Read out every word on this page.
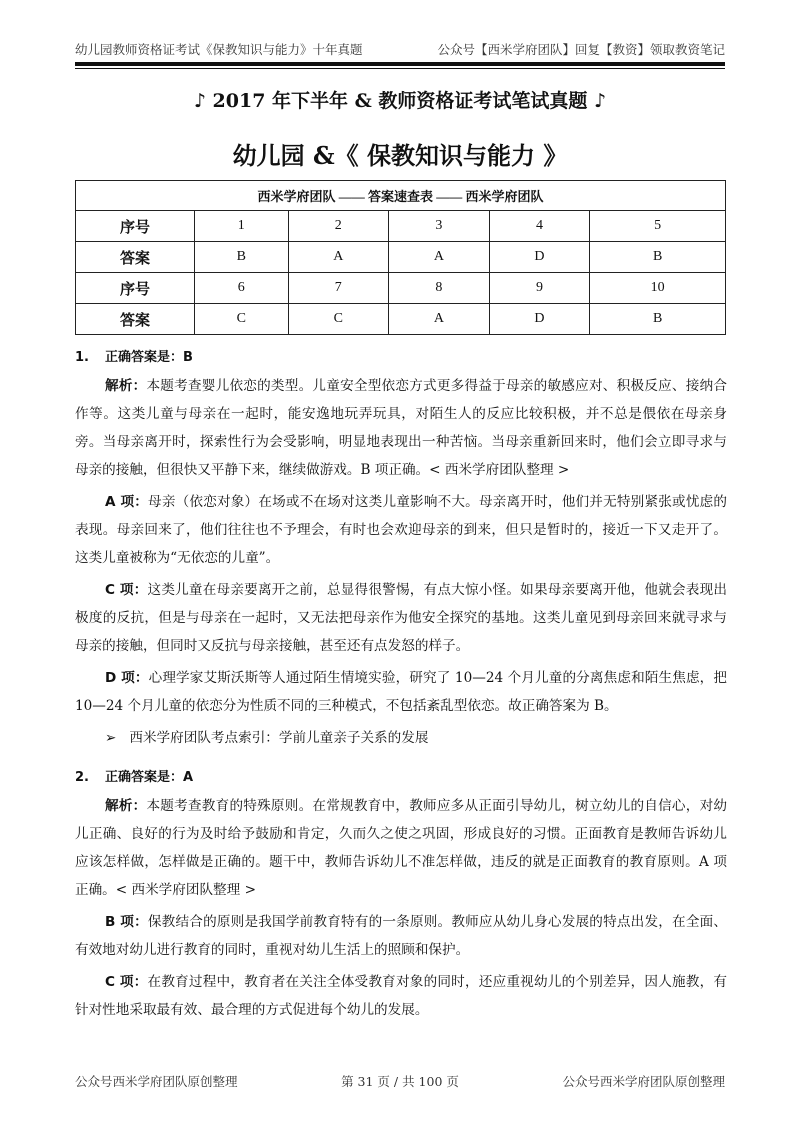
幼儿园教师资格证考试《保教知识与能力》十年真题	公众号【西米学府团队】回复【教资】领取教资笔记
♪ 2017 年下半年 & 教师资格证考试笔试真题 ♪
幼儿园 &《 保教知识与能力 》
西米学府团队 —— 答案速查表 —— 西米学府团队					
序号	1	2	3	4	5
答案	B	A	A	D	B
序号	6	7	8	9	10
答案	C	C	A	D	B
1. 正确答案是：B

解析：本题考查婴儿依恋的类型。儿童安全型依恋方式更多得益于母亲的敏感应对、积极反应、接纳合作等。这类儿童与母亲在一起时，能安逸地玩弄玩具，对陌生人的反应比较积极，并不总是偎依在母亲身旁。当母亲离开时，探索性行为会受影响，明显地表现出一种苦恼。当母亲重新回来时，他们会立即寻求与母亲的接触，但很快又平静下来，继续做游戏。B 项正确。< 西米学府团队整理 >

A 项：母亲（依恋对象）在场或不在场对这类儿童影响不大。母亲离开时，他们并无特别紧张或忧虑的表现。母亲回来了，他们往往也不予理会，有时也会欢迎母亲的到来，但只是暂时的，接近一下又走开了。这类儿童被称为“无依恋的儿童”。

C 项：这类儿童在母亲要离开之前，总显得很警惕，有点大惊小怪。如果母亲要离开他，他就会表现出极度的反抗，但是与母亲在一起时，又无法把母亲作为他安全探究的基地。这类儿童见到母亲回来就寻求与母亲的接触，但同时又反抗与母亲接触，甚至还有点发怒的样子。

D 项：心理学家艾斯沃斯等人通过陌生情境实验，研究了 10—24 个月儿童的分离焦虑和陌生焦虑，把 10—24 个月儿童的依恋分为性质不同的三种模式，不包括紊乱型依恋。故正确答案为 B。

➢   西米学府团队考点索引：学前儿童亲子关系的发展
2. 正确答案是：A

解析：本题考查教育的特殊原则。在常规教育中，教师应多从正面引导幼儿，树立幼儿的自信心，对幼儿正确、良好的行为及时给予鼓励和肯定，久而久之使之巩固，形成良好的习惯。正面教育是教师告诉幼儿应该怎样做，怎样做是正确的。题干中，教师告诉幼儿不准怎样做，违反的就是正面教育的教育原则。A 项正确。< 西米学府团队整理 >

B 项：保教结合的原则是我国学前教育特有的一条原则。教师应从幼儿身心发展的特点出发，在全面、有效地对幼儿进行教育的同时，重视对幼儿生活上的照顾和保护。

C 项：在教育过程中，教育者在关注全体受教育对象的同时，还应重视幼儿的个别差异，因人施教，有针对性地采取最有效、最合理的方式促进每个幼儿的发展。

公众号西米学府团队原创整理	第 31 页 / 共 100 页	公众号西米学府团队原创整理
